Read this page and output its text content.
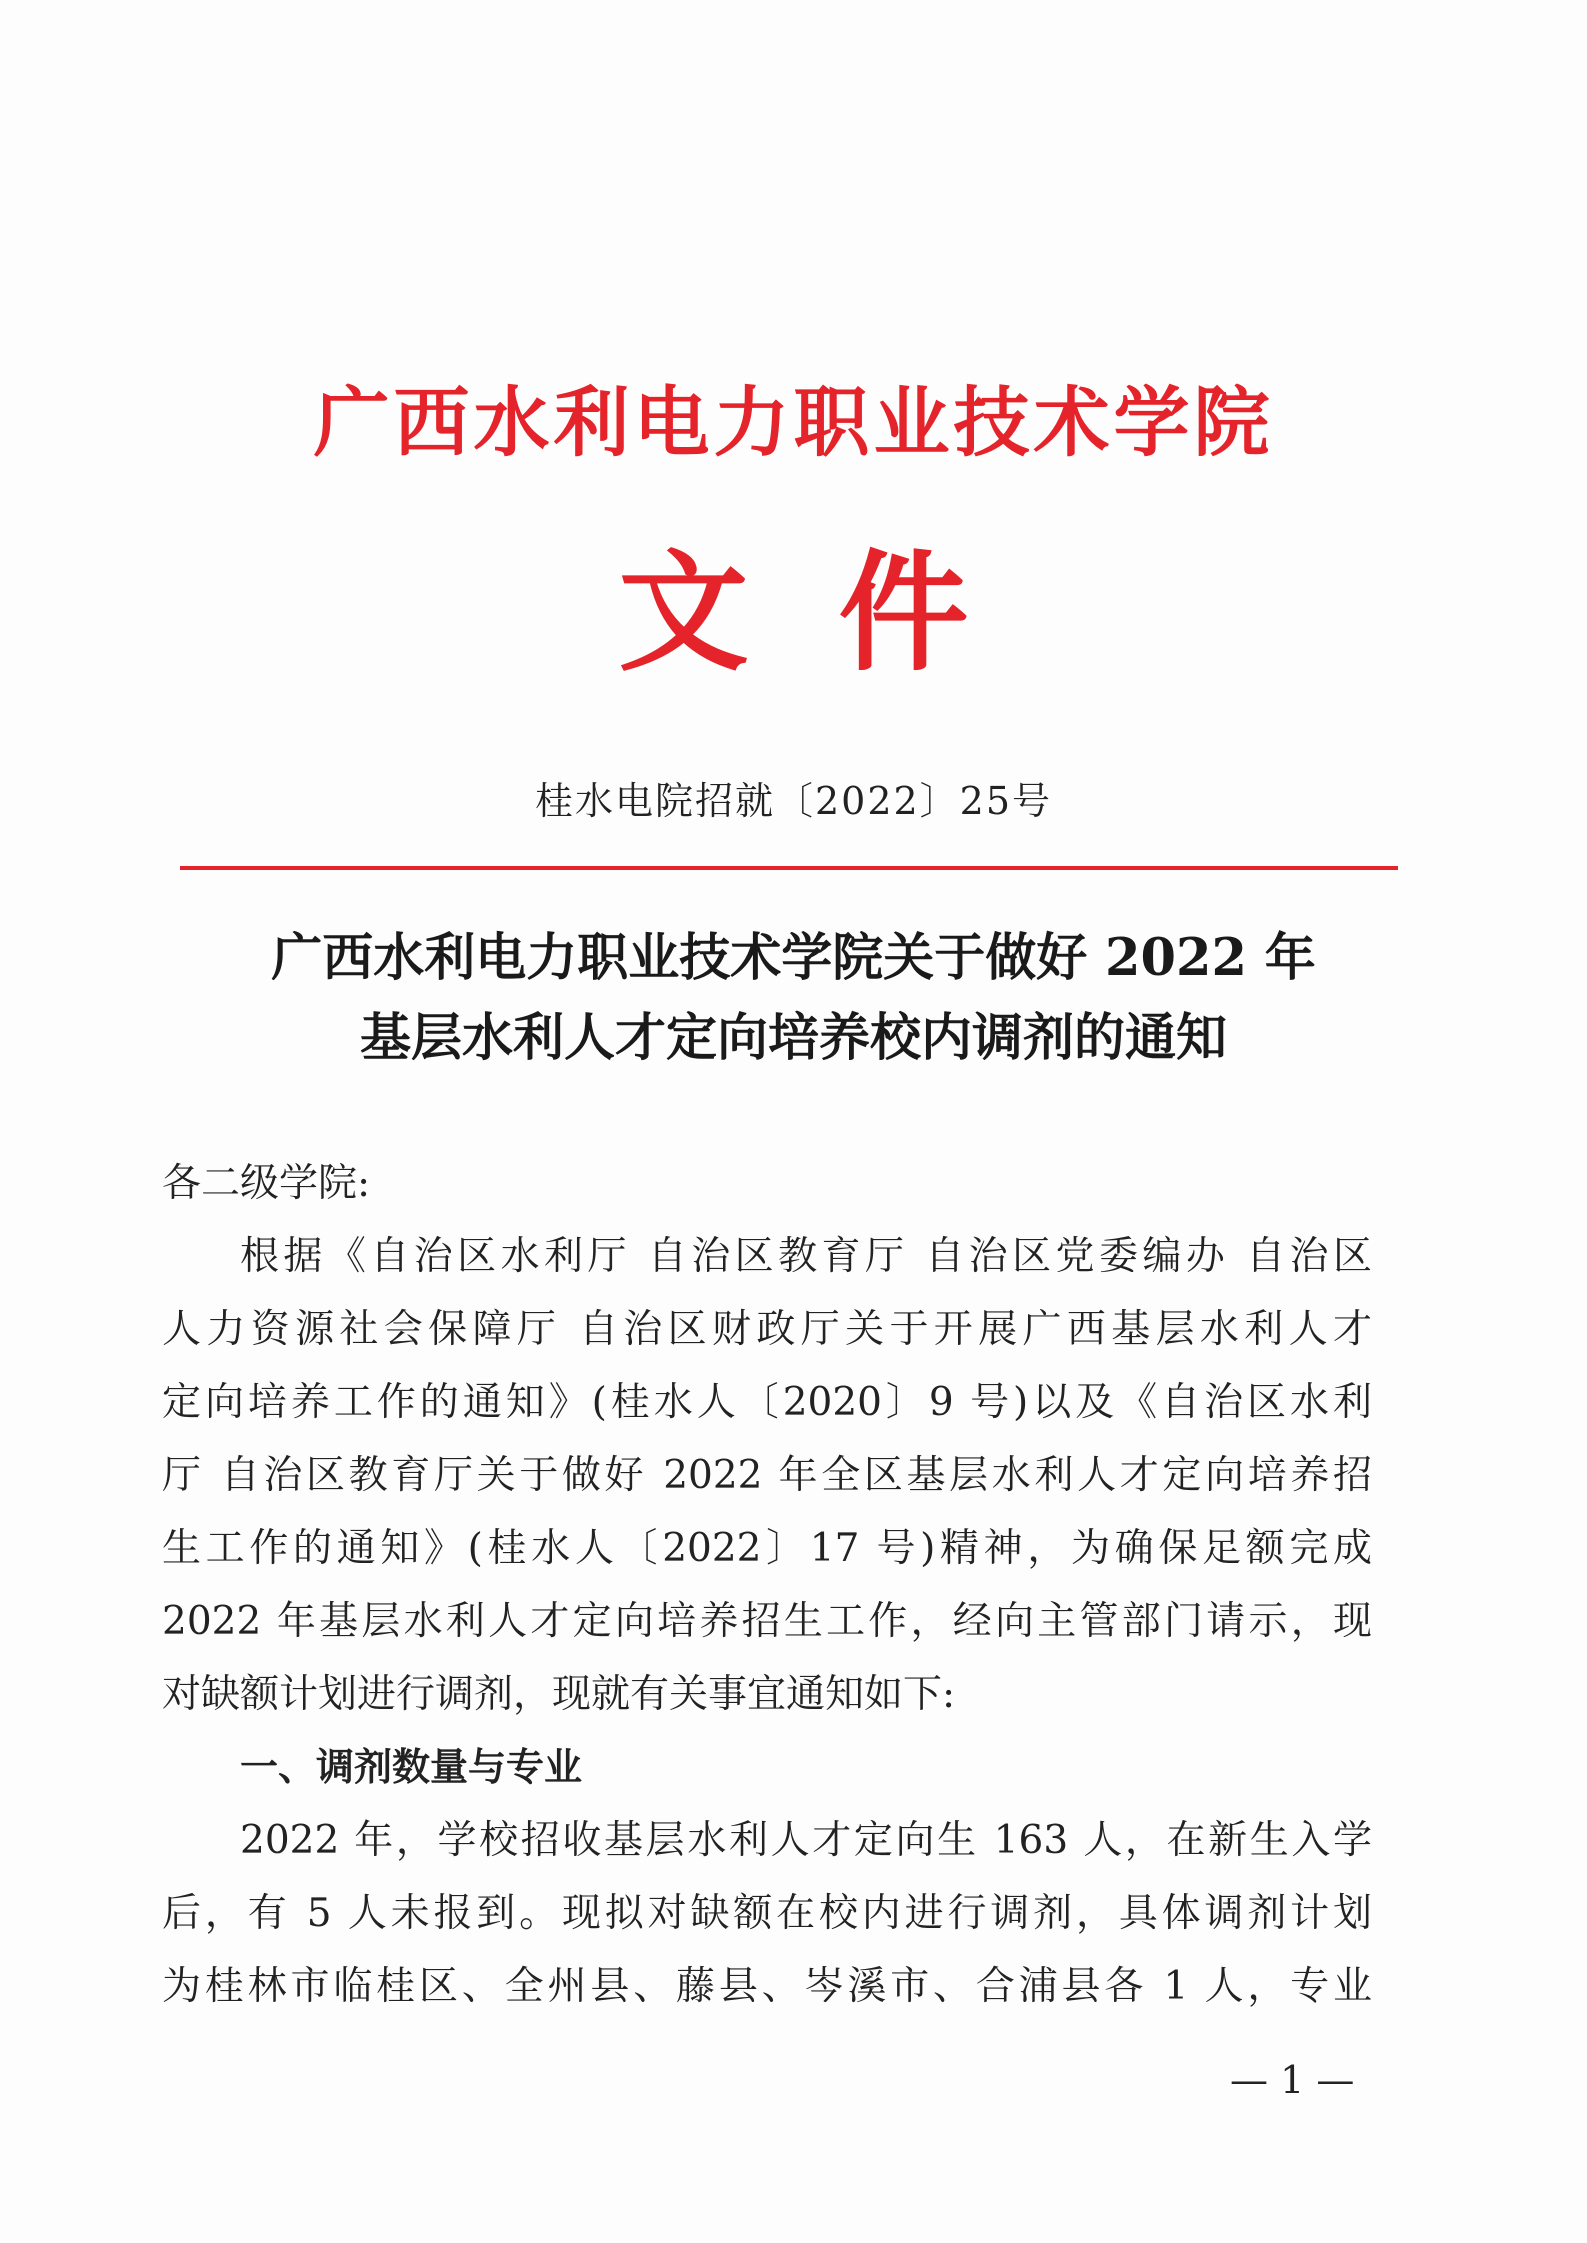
广西水利电力职业技术学院
文件
桂水电院招就〔2022〕25号
广西水利电力职业技术学院关于做好 2022 年
基层水利人才定向培养校内调剂的通知
各二级学院:

根据《自治区水利厅 自治区教育厅 自治区党委编办 自治区
人力资源社会保障厅 自治区财政厅关于开展广西基层水利人才
定向培养工作的通知》(桂水人〔2020〕9 号)以及《自治区水利
厅 自治区教育厅关于做好 2022 年全区基层水利人才定向培养招
生工作的通知》(桂水人〔2022〕17 号)精神，为确保足额完成
2022 年基层水利人才定向培养招生工作，经向主管部门请示，现
对缺额计划进行调剂，现就有关事宜通知如下:

一、调剂数量与专业

2022 年，学校招收基层水利人才定向生 163 人，在新生入学
后，有 5 人未报到。现拟对缺额在校内进行调剂，具体调剂计划
为桂林市临桂区、全州县、藤县、岑溪市、合浦县各 1 人，专业

— 1 —
